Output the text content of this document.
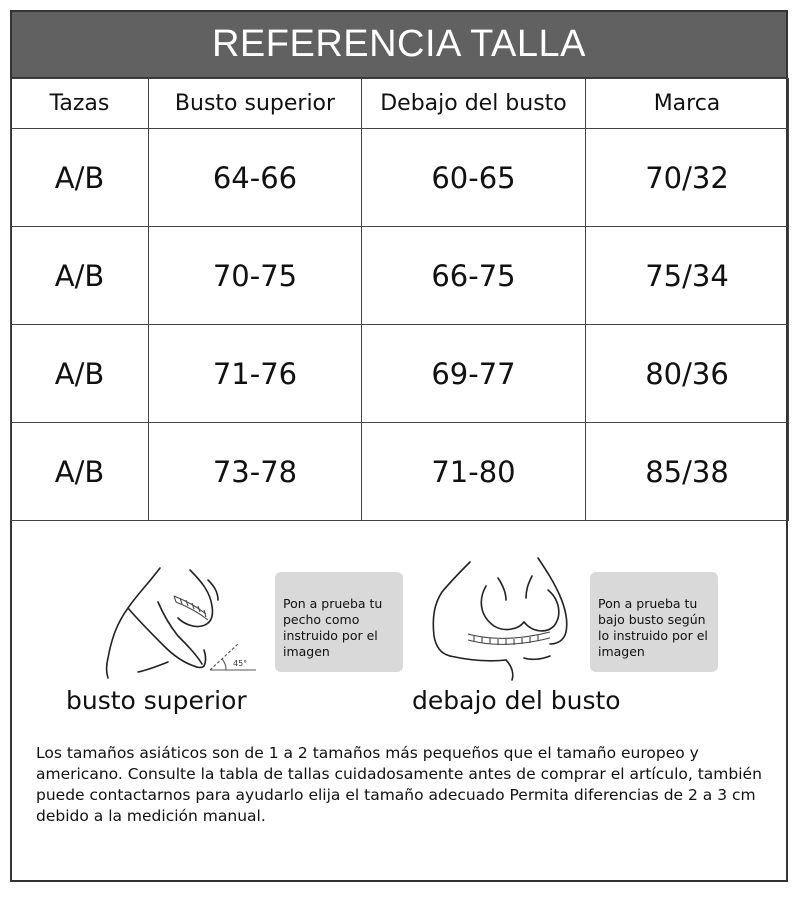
REFERENCIA TALLA
Tazas	Busto superior	Debajo del busto	Marca
A/B	64-66	60-65	70/32
A/B	70-75	66-75	75/34
A/B	71-76	69-77	80/36
A/B	73-78	71-80	85/38
45°
Pon a prueba tu pecho como instruido por el imagen
busto superior
Pon a prueba tu bajo busto según lo instruido por el imagen
debajo del busto

Los tamaños asiáticos son de 1 a 2 tamaños más pequeños que el tamaño europeo y americano. Consulte la tabla de tallas cuidadosamente antes de comprar el artículo, también puede contactarnos para ayudarlo elija el tamaño adecuado Permita diferencias de 2 a 3 cm debido a la medición manual.
